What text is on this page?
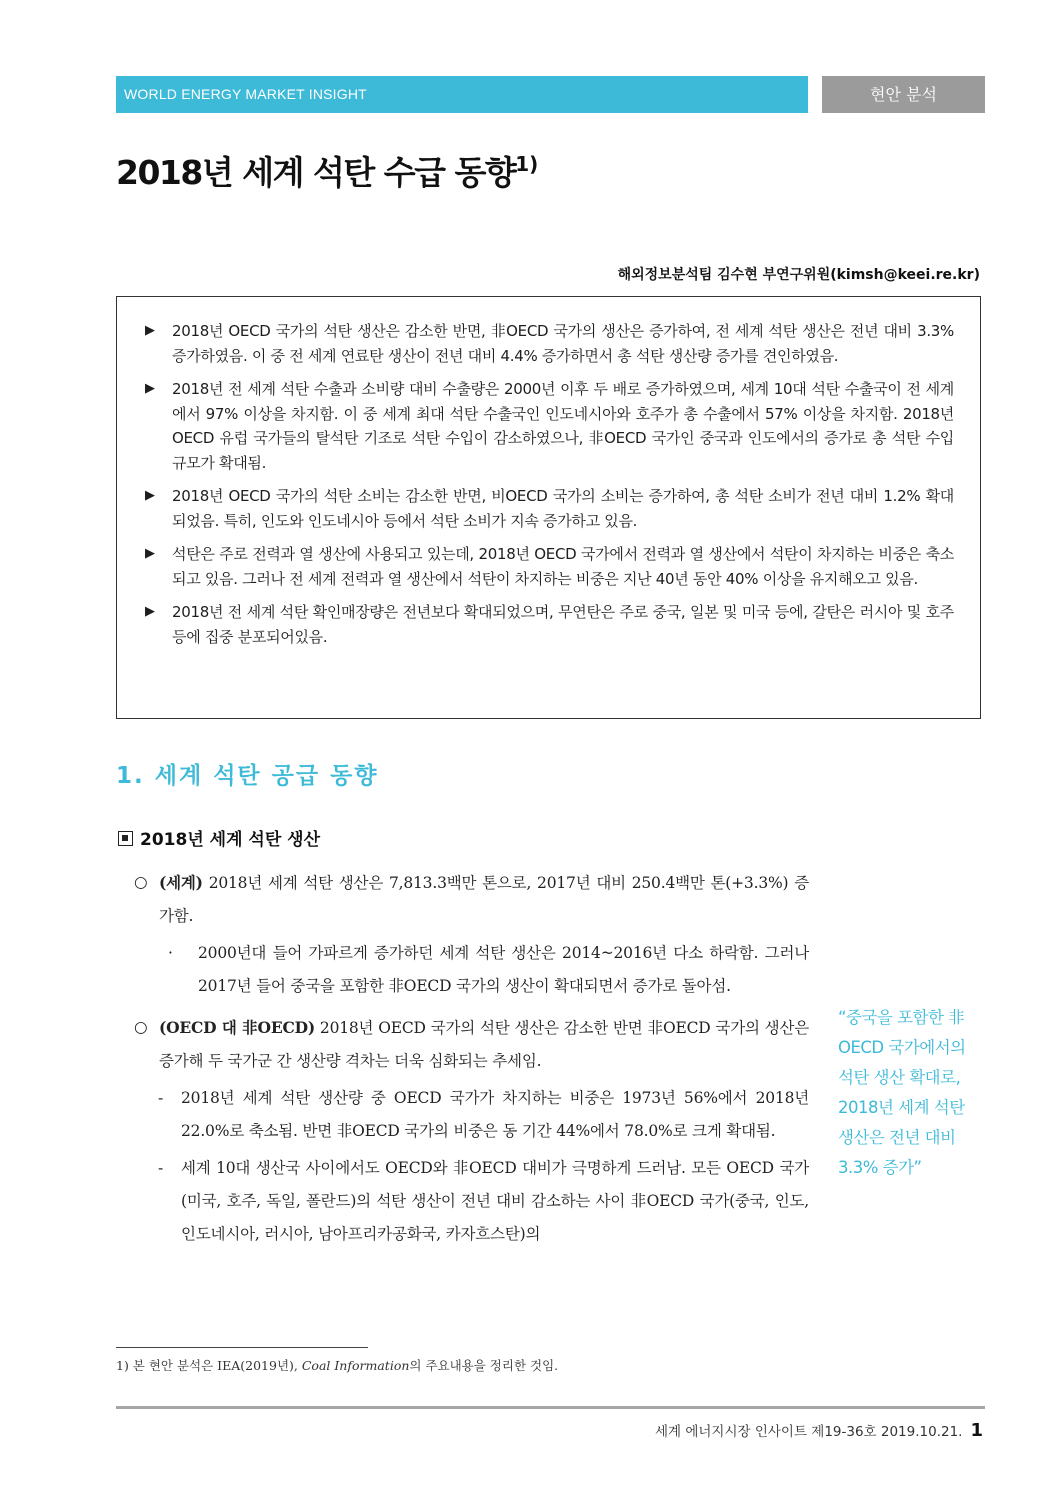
WORLD ENERGY MARKET INSIGHT	현안 분석
2018년 세계 석탄 수급 동향$^{1)}$
해외정보분석팀 김수현 부연구위원(kimsh@keei.re.kr)
▶ 2018년 OECD 국가의 석탄 생산은 감소한 반면, 非OECD 국가의 생산은 증가하여, 전 세계 석탄 생산은 전년 대비 3.3% 증가하였음. 이 중 전 세계 연료탄 생산이 전년 대비 4.4% 증가하면서 총 석탄 생산량 증가를 견인하였음.
▶ 2018년 전 세계 석탄 수출과 소비량 대비 수출량은 2000년 이후 두 배로 증가하였으며, 세계 10대 석탄 수출국이 전 세계에서 97% 이상을 차지함. 이 중 세계 최대 석탄 수출국인 인도네시아와 호주가 총 수출에서 57% 이상을 차지함. 2018년 OECD 유럽 국가들의 탈석탄 기조로 석탄 수입이 감소하였으나, 非OECD 국가인 중국과 인도에서의 증가로 총 석탄 수입 규모가 확대됨.
▶ 2018년 OECD 국가의 석탄 소비는 감소한 반면, 비OECD 국가의 소비는 증가하여, 총 석탄 소비가 전년 대비 1.2% 확대되었음. 특히, 인도와 인도네시아 등에서 석탄 소비가 지속 증가하고 있음.
▶ 석탄은 주로 전력과 열 생산에 사용되고 있는데, 2018년 OECD 국가에서 전력과 열 생산에서 석탄이 차지하는 비중은 축소되고 있음. 그러나 전 세계 전력과 열 생산에서 석탄이 차지하는 비중은 지난 40년 동안 40% 이상을 유지해오고 있음.
▶ 2018년 전 세계 석탄 확인매장량은 전년보다 확대되었으며, 무연탄은 주로 중국, 일본 및 미국 등에, 갈탄은 러시아 및 호주 등에 집중 분포되어있음.
1. 세계 석탄 공급 동향
2018년 세계 석탄 생산

○ (세계) 2018년 세계 석탄 생산은 7,813.3백만 톤으로, 2017년 대비 250.4백만 톤(+3.3%) 증가함.

· 2000년대 들어 가파르게 증가하던 세계 석탄 생산은 2014~2016년 다소 하락함. 그러나 2017년 들어 중국을 포함한 非OECD 국가의 생산이 확대되면서 증가로 돌아섬.

○ (OECD 대 非OECD) 2018년 OECD 국가의 석탄 생산은 감소한 반면 非OECD 국가의 생산은 증가해 두 국가군 간 생산량 격차는 더욱 심화되는 추세임.

- 2018년 세계 석탄 생산량 중 OECD 국가가 차지하는 비중은 1973년 56%에서 2018년 22.0%로 축소됨. 반면 非OECD 국가의 비중은 동 기간 44%에서 78.0%로 크게 확대됨.

- 세계 10대 생산국 사이에서도 OECD와 非OECD 대비가 극명하게 드러남. 모든 OECD 국가(미국, 호주, 독일, 폴란드)의 석탄 생산이 전년 대비 감소하는 사이 非OECD 국가(중국, 인도, 인도네시아, 러시아, 남아프리카공화국, 카자흐스탄)의

“중국을 포함한 非OECD 국가에서의 석탄 생산 확대로, 2018년 세계 석탄 생산은 전년 대비 3.3% 증가”
1) 본 현안 분석은 IEA(2019년), Coal Information의 주요내용을 정리한 것임.
세계 에너지시장 인사이트 제19-36호 2019.10.21. 1
